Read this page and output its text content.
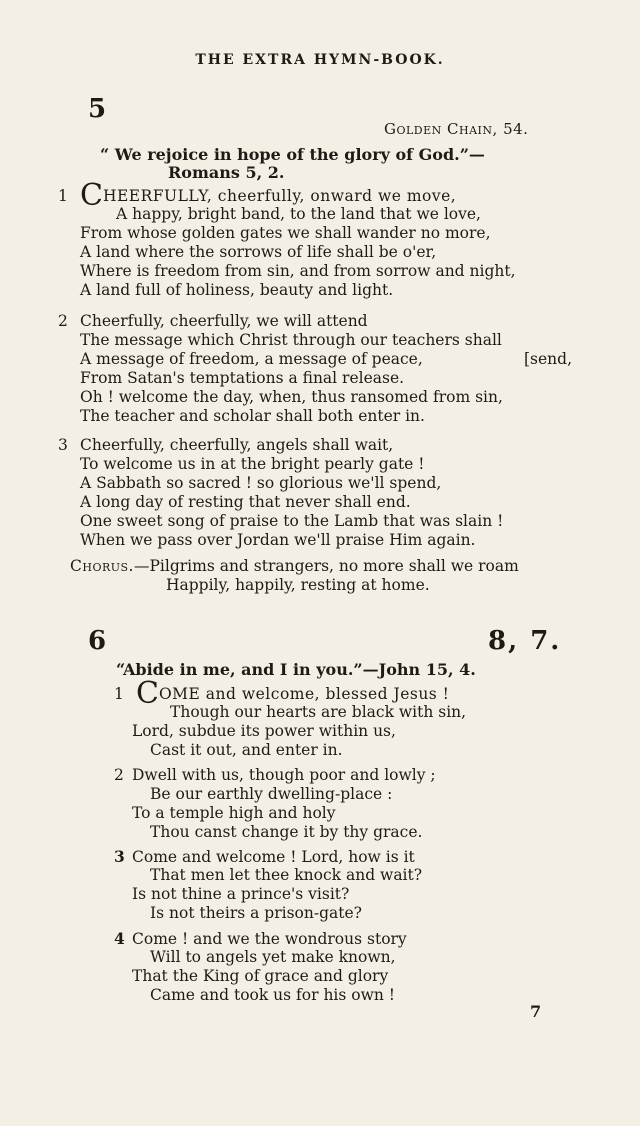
THE EXTRA HYMN-BOOK.
5
Golden Chain, 54.
“ We rejoice in hope of the glory of God.”—
Romans 5, 2.
1 CHEERFULLY, cheerfully, onward we move,
A happy, bright band, to the land that we love,
From whose golden gates we shall wander no more,
A land where the sorrows of life shall be o'er,
Where is freedom from sin, and from sorrow and night,
A land full of holiness, beauty and light.
2 Cheerfully, cheerfully, we will attend
The message which Christ through our teachers shall
A message of freedom, a message of peace,	[send,
From Satan's temptations a final release.
Oh ! welcome the day, when, thus ransomed from sin,
The teacher and scholar shall both enter in.
3 Cheerfully, cheerfully, angels shall wait,
To welcome us in at the bright pearly gate !
A Sabbath so sacred ! so glorious we'll spend,
A long day of resting that never shall end.
One sweet song of praise to the Lamb that was slain !
When we pass over Jordan we'll praise Him again.
Chorus.—Pilgrims and strangers, no more shall we roam
Happily, happily, resting at home.
6	8, 7.
“Abide in me, and I in you.”—John 15, 4.
1 COME and welcome, blessed Jesus !
Though our hearts are black with sin,
Lord, subdue its power within us,
Cast it out, and enter in.
2 Dwell with us, though poor and lowly ;
Be our earthly dwelling-place :
To a temple high and holy
Thou canst change it by thy grace.
3 Come and welcome ! Lord, how is it
That men let thee knock and wait?
Is not thine a prince's visit?
Is not theirs a prison-gate?
4 Come ! and we the wondrous story
Will to angels yet make known,
That the King of grace and glory
Came and took us for his own !
7
